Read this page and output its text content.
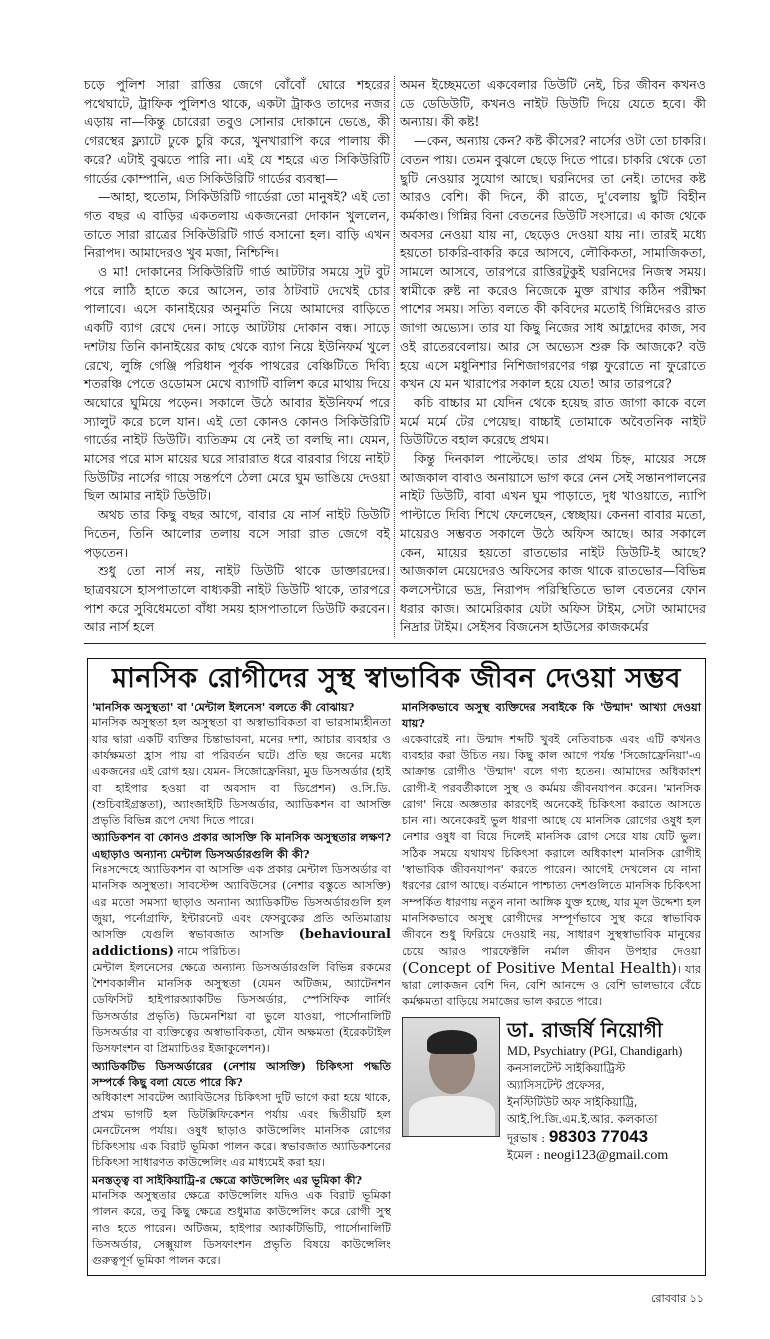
চড়ে পুলিশ সারা রাত্তির জেগে বোঁবোঁ ঘোরে শহরের পথেঘাটে, ট্রাফিক পুলিশও থাকে, একটা ট্রাকও তাদের নজর এড়ায় না—কিন্তু চোরেরা তবুও সোনার দোকানে ভেঙে, কী গেরস্থের ফ্ল্যাটে ঢুকে চুরি করে, খুনখারাপি করে পালায় কী করে? এটাই বুঝতে পারি না। এই যে শহরে এত সিকিউরিটি গার্ডের কোম্পানি, এত সিকিউরিটি গার্ডের ব্যবস্থা—

—আহা, হুতোম, সিকিউরিটি গার্ডেরা তো মানুষই? এই তো গত বছর এ বাড়ির একতলায় একজনেরা দোকান খুললেন, তাতে সারা রাত্রের সিকিউরিটি গার্ড বসানো হল। বাড়ি এখন নিরাপদ। আমাদেরও খুব মজা, নিশ্চিন্দি।

ও মা! দোকানের সিকিউরিটি গার্ড আটটার সময়ে সুট বুট পরে লাঠি হাতে করে আসেন, তার ঠাটবাট দেখেই চোর পালাবে। এসে কানাইয়ের অনুমতি নিয়ে আমাদের বাড়িতে একটি ব্যাগ রেখে দেন। সাড়ে আটটায় দোকান বন্ধ। সাড়ে দশটায় তিনি কানাইয়ের কাছ থেকে ব্যাগ নিয়ে ইউনিফর্ম খুলে রেখে, লুঙ্গি গেঞ্জি পরিধান পূর্বক পাথরের বেঞ্চিটিতে দিব্যি শতরঞ্চি পেতে ওডোমস মেখে ব্যাগটি বালিশ করে মাথায় দিয়ে অঘোরে ঘুমিয়ে পড়েন। সকালে উঠে আবার ইউনিফর্ম পরে স্যালুট করে চলে যান। এই তো কোনও কোনও সিকিউরিটি গার্ডের নাইট ডিউটি। ব্যতিক্রম যে নেই তা বলছি না। যেমন, মাসের পরে মাস মায়ের ঘরে সারারাত ধরে বারবার গিয়ে নাইট ডিউটির নার্সের গায়ে সন্তর্পণে ঠেলা মেরে ঘুম ভাঙিয়ে দেওয়া ছিল আমার নাইট ডিউটি।

অথচ তার কিছু বছর আগে, বাবার যে নার্স নাইট ডিউটি দিতেন, তিনি আলোর তলায় বসে সারা রাত জেগে বই পড়তেন।

শুধু তো নার্স নয়, নাইট ডিউটি থাকে ডাক্তারদের। ছাত্রবয়সে হাসপাতালে বাধ্যকরী নাইট ডিউটি থাকে, তারপরে পাশ করে সুবিধেমতো বাঁধা সময় হাসপাতালে ডিউটি করবেন। আর নার্স হলে

অমন ইচ্ছেমতো একবেলার ডিউটি নেই, চির জীবন কখনও ডে ডেডিউটি, কখনও নাইট ডিউটি দিয়ে যেতে হবে। কী অন্যায়। কী কষ্ট!

—কেন, অন্যায় কেন? কষ্ট কীসের? নার্সের ওটা তো চাকরি। বেতন পায়। তেমন বুঝলে ছেড়ে দিতে পারে। চাকরি থেকে তো ছুটি নেওয়ার সুযোগ আছে। ঘরনিদের তা নেই। তাদের কষ্ট আরও বেশি। কী দিনে, কী রাতে, দু'বেলায় ছুটি বিহীন কর্মকাণ্ড। গিন্নির বিনা বেতনের ডিউটি সংসারে। এ কাজ থেকে অবসর নেওয়া যায় না, ছেড়েও দেওয়া যায় না। তারই মধ্যে হয়তো চাকরি-বাকরি করে আসবে, লৌকিকতা, সামাজিকতা, সামলে আসবে, তারপরে রাত্তিরটুকুই ঘরনিদের নিজস্ব সময়। স্বামীকে রুষ্ট না করেও নিজেকে মুক্ত রাখার কঠিন পরীক্ষা পাশের সময়। সত্যি বলতে কী কবিদের মতোই গিন্নিদেরও রাত জাগা অভ্যেস। তার যা কিছু নিজের সাধ আহ্লাদের কাজ, সব ওই রাতেরবেলায়। আর সে অভ্যেস শুরু কি আজকে? বউ হয়ে এসে মধুনিশার নিশিজাগরণের গল্প ফুরোতে না ফুরোতে কখন যে মন খারাপের সকাল হয়ে যেত! আর তারপরে?

কচি বাচ্চার মা যেদিন থেকে হয়েছ রাত জাগা কাকে বলে মর্মে মর্মে টের পেয়েছ। বাচ্চাই তোমাকে অবৈতনিক নাইট ডিউটিতে বহাল করেছে প্রথম।

কিন্তু দিনকাল পাল্টেছে। তার প্রথম চিহ্ন, মায়ের সঙ্গে আজকাল বাবাও অনায়াসে ভাগ করে নেন সেই সন্তানপালনের নাইট ডিউটি, বাবা এখন ঘুম পাড়াতে, দুধ খাওয়াতে, ন্যাপি পাল্টাতে দিব্যি শিখে ফেলেছেন, স্বেচ্ছায়। কেননা বাবার মতো, মায়েরও সম্ভবত সকালে উঠে অফিস আছে। আর সকালে কেন, মায়ের হয়তো রাতভোর নাইট ডিউটি-ই আছে? আজকাল মেয়েদেরও অফিসের কাজ থাকে রাতভোর—বিভিন্ন কলসেন্টারে ভদ্র, নিরাপদ পরিস্থিতিতে ভাল বেতনের ফোন ধরার কাজ। আমেরিকার যেটা অফিস টাইম, সেটা আমাদের নিদ্রার টাইম। সেইসব বিজনেস হাউসের কাজকর্মের

মানসিক রোগীদের সুস্থ স্বাভাবিক জীবন দেওয়া সম্ভব
'মানসিক অসুস্থতা' বা 'মেন্টাল ইলনেস' বলতে কী বোঝায়?
মানসিক অসুস্থতা হল অসুস্থতা বা অস্বাভাবিকতা বা ভারসাম্যহীনতা যার দ্বারা একটি ব্যক্তির চিন্তাভাবনা, মনের দশা, আচার ব্যবহার ও কার্যক্ষমতা হ্রাস পায় বা পরিবর্তন ঘটে। প্রতি ছয় জনের মধ্যে একজনের এই রোগ হয়। যেমন- সিজোফ্রেনিয়া, মুড ডিসঅর্ডার (হাই বা হাইপার হওয়া বা অবসাদ বা ডিপ্রেশন) ও.সি.ডি. (শুচিবাইগ্রস্ততা), অ্যাংজাইটি ডিসঅর্ডার, অ্যাডিকশন বা আসক্তি প্রভৃতি বিভিন্ন রূপে দেখা দিতে পারে।
অ্যাডিকশন বা কোনও প্রকার আসক্তি কি মানসিক অসুস্থতার লক্ষণ? এছাড়াও অন্যান্য মেন্টাল ডিসঅর্ডারগুলি কী কী?
নিঃসন্দেহে অ্যাডিকশন বা আসক্তি এক প্রকার মেন্টাল ডিসঅর্ডার বা মানসিক অসুস্থতা। সাবস্টেন্স অ্যাবিউসের (নেশার বস্তুতে আসক্তি) এর মতো সমস্যা ছাড়াও অন্যান্য অ্যাডিকটিভ ডিসঅর্ডারগুলি হল জুয়া, পর্নোগ্রাফি, ইন্টারনেট এবং ফেসবুকের প্রতি অতিমাত্রায় আসক্তি যেগুলি স্বভাবজাত আসক্তি (behavioural addictions) নামে পরিচিত।
মেন্টাল ইলনেসের ক্ষেত্রে অন্যান্য ডিসঅর্ডারগুলি বিভিন্ন রকমের শৈশবকালীন মানসিক অসুস্থতা (যেমন অটিজম, অ্যাটেনশন ডেফিসিট হাইপারঅ্যাকটিভ ডিসঅর্ডার, স্পেসিফিক লার্নিং ডিসঅর্ডার প্রভৃতি) ডিমেনশিয়া বা ভুলে যাওয়া, পার্সোনালিটি ডিসঅর্ডার বা ব্যক্তিত্বের অস্বাভাবিকতা, যৌন অক্ষমতা (ইরেকটাইল ডিসফাংশন বা প্রিম্যাচিওর ইজাকুলেশন)।
অ্যাডিকটিভ ডিসঅর্ডারের (নেশায় আসক্তি) চিকিৎসা পদ্ধতি সম্পর্কে কিছু বলা যেতে পারে কি?
অধিকাংশ সাবটেন্স অ্যাবিউসের চিকিৎসা দুটি ভাগে করা হয়ে থাকে, প্রথম ভাগটি হল ডিটক্সিফিকেশন পর্যায় এবং দ্বিতীয়টি হল মেনটেনেন্স পর্যায়। ওষুধ ছাড়াও কাউন্সেলিং মানসিক রোগের চিকিৎসায় এক বিরাট ভূমিকা পালন করে। স্বভাবজাত অ্যাডিকশনের চিকিৎসা সাধারণত কাউন্সেলিং এর মাধ্যমেই করা হয়।
মনস্তত্ত্ব বা সাইকিয়াট্রি-র ক্ষেত্রে কাউন্সেলিং এর ভূমিকা কী?
মানসিক অসুস্থতার ক্ষেত্রে কাউন্সেলিং যদিও এক বিরাট ভূমিকা পালন করে, তবু কিছু ক্ষেত্রে শুধুমাত্র কাউন্সেলিং করে রোগী সুস্থ নাও হতে পারেন। অটিজম, হাইপার অ্যাকটিভিটি, পার্সোনালিটি ডিসঅর্ডার, সেক্সুয়াল ডিসফাংশন প্রভৃতি বিষয়ে কাউন্সেলিং গুরুত্বপূর্ণ ভূমিকা পালন করে।
মানসিকভাবে অসুস্থ ব্যক্তিদের সবাইকে কি 'উন্মাদ' আখ্যা দেওয়া যায়?
একেবারেই না। উন্মাদ শব্দটি খুবই নেতিবাচক এবং এটি কখনও ব্যবহার করা উচিত নয়। কিছু কাল আগে পর্যন্ত 'সিজোফ্রেনিয়া'-এ আক্রান্ত রোগীও 'উন্মাদ' বলে গণ্য হতেন। আমাদের অধিকাংশ রোগী-ই পরবর্তীকালে সুস্থ ও কর্মময় জীবনযাপন করেন। 'মানসিক রোগ' নিয়ে অজ্ঞতার কারণেই অনেকেই চিকিৎসা করাতে আসতে চান না। অনেকেরই ভুল ধারণা আছে যে মানসিক রোগের ওষুধ হল নেশার ওষুধ বা বিয়ে দিলেই মানসিক রোগ সেরে যায় যেটি ভুল। সঠিক সময়ে যথাযথ চিকিৎসা করালে অধিকাংশ মানসিক রোগীই 'স্বাভাবিক জীবনযাপন' করতে পারেন। আগেই দেখলেন যে নানা ধরণের রোগ আছে। বর্তমানে পাশ্চাত্য দেশগুলিতে মানসিক চিকিৎসা সম্পর্কিত ধারণায় নতুন নানা আঙ্গিক যুক্ত হচ্ছে, যার মূল উদ্দেশ্য হল মানসিকভাবে অসুস্থ রোগীদের সম্পূর্ণভাবে সুস্থ করে স্বাভাবিক জীবনে শুধু ফিরিয়ে দেওয়াই নয়, সাধারণ সুস্থস্বাভাবিক মানুষের চেয়ে আরও পারফেক্টলি নর্মাল জীবন উপহার দেওয়া (Concept of Positive Mental Health)। যার দ্বারা লোকজন বেশি দিন, বেশি আনন্দে ও বেশি ভালভাবে বেঁচে কর্মক্ষমতা বাড়িয়ে সমাজের ভাল করতে পারে।
ডা. রাজর্ষি নিয়োগী
MD, Psychiatry (PGI, Chandigarh)
কনসালটেন্ট সাইকিয়াট্রিস্ট
অ্যাসিসটেন্ট প্রফেসর,
ইনস্টিটিউট অফ সাইকিয়াট্রি,
আই.পি.জি.এম.ই.আর. কলকাতা
দূরভাষ : 98303 77043
ইমেল : neogi123@gmail.com
রোববার ১১
